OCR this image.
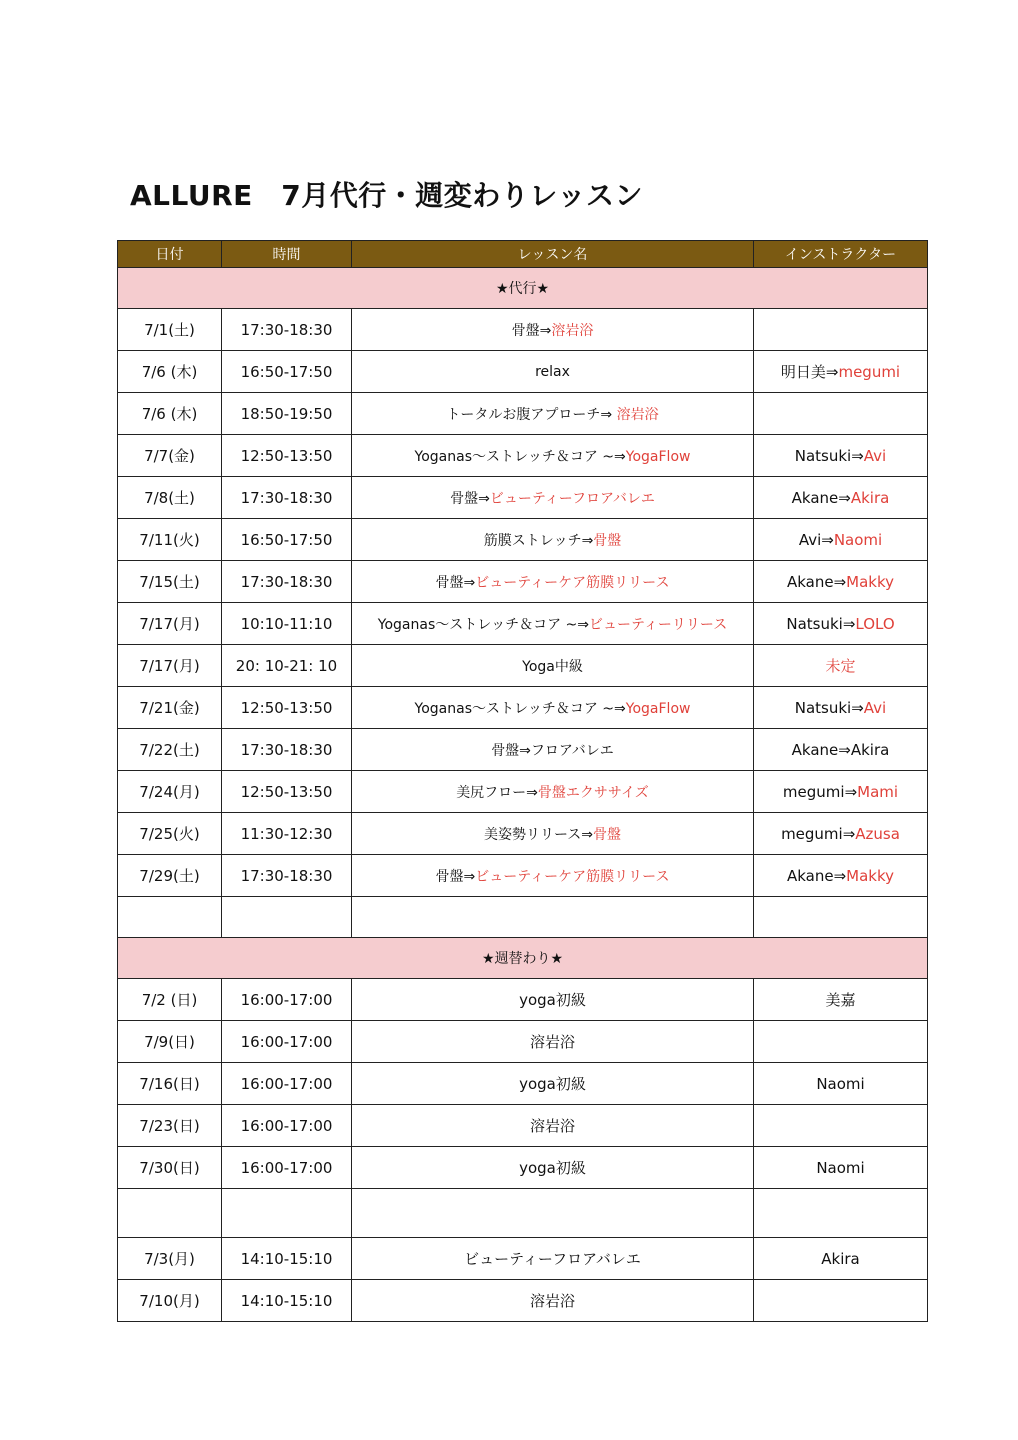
ALLURE　7月代行・週変わりレッスン
日付	時間	レッスン名	インストラクター
★代行★			
7/1(土)	17:30-18:30	骨盤⇒溶岩浴	
7/6 (木)	16:50-17:50	relax	明日美⇒megumi
7/6 (木)	18:50-19:50	トータルお腹アプローチ⇒ 溶岩浴	
7/7(金)	12:50-13:50	Yoganas～ストレッチ＆コア ~⇒YogaFlow	Natsuki⇒Avi
7/8(土)	17:30-18:30	骨盤⇒ビューティーフロアバレエ	Akane⇒Akira
7/11(火)	16:50-17:50	筋膜ストレッチ⇒骨盤	Avi⇒Naomi
7/15(土)	17:30-18:30	骨盤⇒ビューティーケア筋膜リリース	Akane⇒Makky
7/17(月)	10:10-11:10	Yoganas～ストレッチ＆コア ~⇒ビューティーリリース	Natsuki⇒LOLO
7/17(月)	20: 10-21: 10	Yoga中級	未定
7/21(金)	12:50-13:50	Yoganas～ストレッチ＆コア ~⇒YogaFlow	Natsuki⇒Avi
7/22(土)	17:30-18:30	骨盤⇒フロアバレエ	Akane⇒Akira
7/24(月)	12:50-13:50	美尻フロー⇒骨盤エクササイズ	megumi⇒Mami
7/25(火)	11:30-12:30	美姿勢リリース⇒骨盤	megumi⇒Azusa
7/29(土)	17:30-18:30	骨盤⇒ビューティーケア筋膜リリース	Akane⇒Makky

★週替わり★			
7/2 (日)	16:00-17:00	yoga初級	美嘉
7/9(日)	16:00-17:00	溶岩浴	
7/16(日)	16:00-17:00	yoga初級	Naomi
7/23(日)	16:00-17:00	溶岩浴	
7/30(日)	16:00-17:00	yoga初級	Naomi

7/3(月)	14:10-15:10	ビューティーフロアバレエ	Akira
7/10(月)	14:10-15:10	溶岩浴	
